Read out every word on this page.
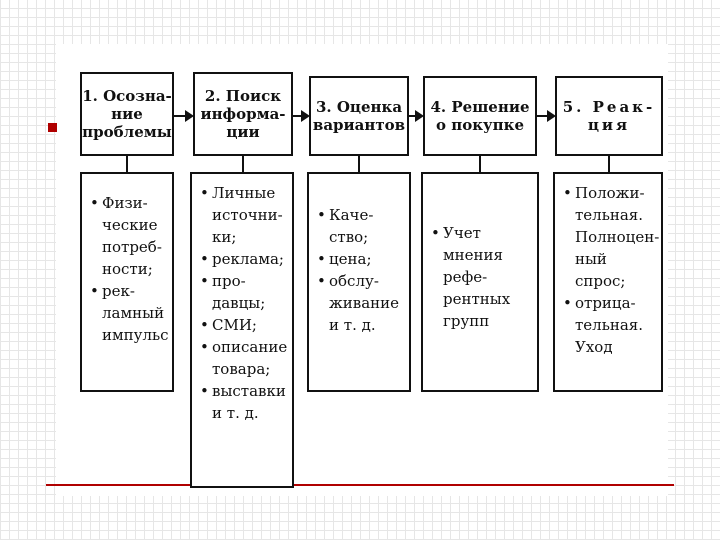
1. Осозна-
ние
проблемы
2. Поиск
информа-
ции
3. Оценка
вариантов
4. Решение
о покупке
5. Реак-
ция

• Физи- ческие потреб- ности;

• рек- ламный импульс

• Личные источни- ки;

• реклама;

• про- давцы;

• СМИ;

• описание товара;

• выставки и т. д.

• Каче- ство;

• цена;

• обслу- живание и т. д.

• Учет мнения рефе- рентных групп

• Положи- тельная. Полноцен- ный спрос;

• отрица- тельная. Уход
